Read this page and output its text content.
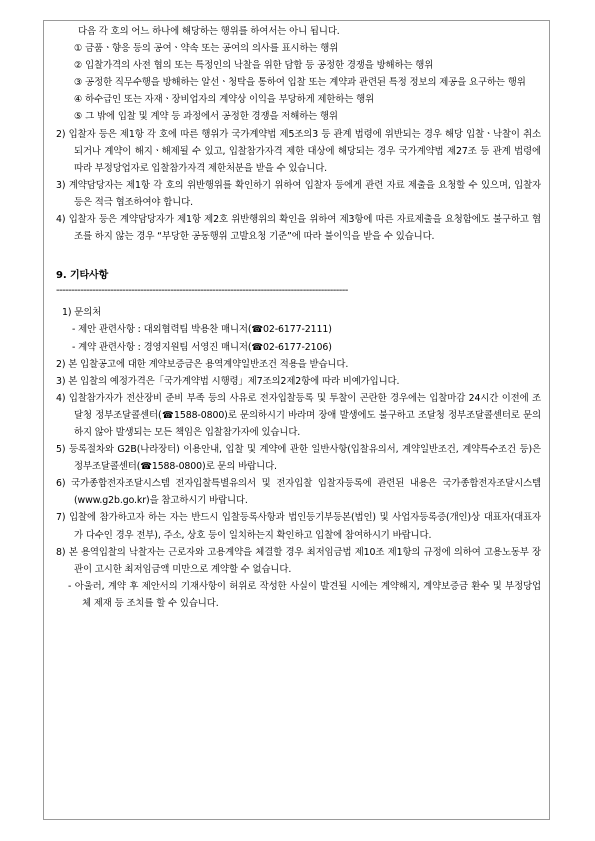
다음 각 호의 어느 하나에 해당하는 행위를 하여서는 아니 됩니다.

① 금품ㆍ향응 등의 공여ㆍ약속 또는 공여의 의사를 표시하는 행위

② 입찰가격의 사전 협의 또는 특정인의 낙찰을 위한 담합 등 공정한 경쟁을 방해하는 행위

③ 공정한 직무수행을 방해하는 알선ㆍ청탁을 통하여 입찰 또는 계약과 관련된 특정 정보의 제공을 요구하는 행위

④ 하수급인 또는 자재ㆍ장비업자의 계약상 이익을 부당하게 제한하는 행위

⑤ 그 밖에 입찰 및 계약 등 과정에서 공정한 경쟁을 저해하는 행위

2) 입찰자 등은 제1항 각 호에 따른 행위가 국가계약법 제5조의3 등 관계 법령에 위반되는 경우 해당 입찰ㆍ낙찰이 취소되거나 계약이 해지ㆍ해제될 수 있고, 입찰참가자격 제한 대상에 해당되는 경우 국가계약법 제27조 등 관계 법령에 따라 부정당업자로 입찰참가자격 제한처분을 받을 수 있습니다.

3) 계약담당자는 제1항 각 호의 위반행위를 확인하기 위하여 입찰자 등에게 관련 자료 제출을 요청할 수 있으며, 입찰자 등은 적극 협조하여야 합니다.

4) 입찰자 등은 계약담당자가 제1항 제2호 위반행위의 확인을 위하여 제3항에 따른 자료제출을 요청함에도 불구하고 협조를 하지 않는 경우 “부당한 공동행위 고발요청 기준”에 따라 불이익을 받을 수 있습니다.

9. 기타사항

-------------------------------------------------------------------------------------------------

1) 문의처

- 제안 관련사항 : 대외협력팀 박용찬 매니저(☎02-6177-2111)

- 계약 관련사항 : 경영지원팀 서영진 매니저(☎02-6177-2106)

2) 본 입찰공고에 대한 계약보증금은 용역계약일반조건 적용을 받습니다.

3) 본 입찰의 예정가격은「국가계약법 시행령」제7조의2제2항에 따라 비예가입니다.

4) 입찰참가자가 전산장비 준비 부족 등의 사유로 전자입찰등록 및 투찰이 곤란한 경우에는 입찰마감 24시간 이전에 조달청 정부조달콜센터(☎1588-0800)로 문의하시기 바라며 장애 발생에도 불구하고 조달청 정부조달콜센터로 문의하지 않아 발생되는 모든 책임은 입찰참가자에 있습니다.

5) 등록절차와 G2B(나라장터) 이용안내, 입찰 및 계약에 관한 일반사항(입찰유의서, 계약일반조건, 계약특수조건 등)은 정부조달콜센터(☎1588-0800)로 문의 바랍니다.

6) 국가종합전자조달시스템 전자입찰특별유의서 및 전자입찰 입찰자등록에 관련된 내용은 국가종합전자조달시스템(www.g2b.go.kr)을 참고하시기 바랍니다.

7) 입찰에 참가하고자 하는 자는 반드시 입찰등록사항과 법인등기부등본(법인) 및 사업자등록증(개인)상 대표자(대표자가 다수인 경우 전부), 주소, 상호 등이 일치하는지 확인하고 입찰에 참여하시기 바랍니다.

8) 본 용역입찰의 낙찰자는 근로자와 고용계약을 체결할 경우 최저임금법 제10조 제1항의 규정에 의하여 고용노동부 장관이 고시한 최저임금액 미만으로 계약할 수 없습니다.

- 아울러, 계약 후 제안서의 기재사항이 허위로 작성한 사실이 발견될 시에는 계약해지, 계약보증금 환수 및 부정당업체 제재 등 조치를 할 수 있습니다.
